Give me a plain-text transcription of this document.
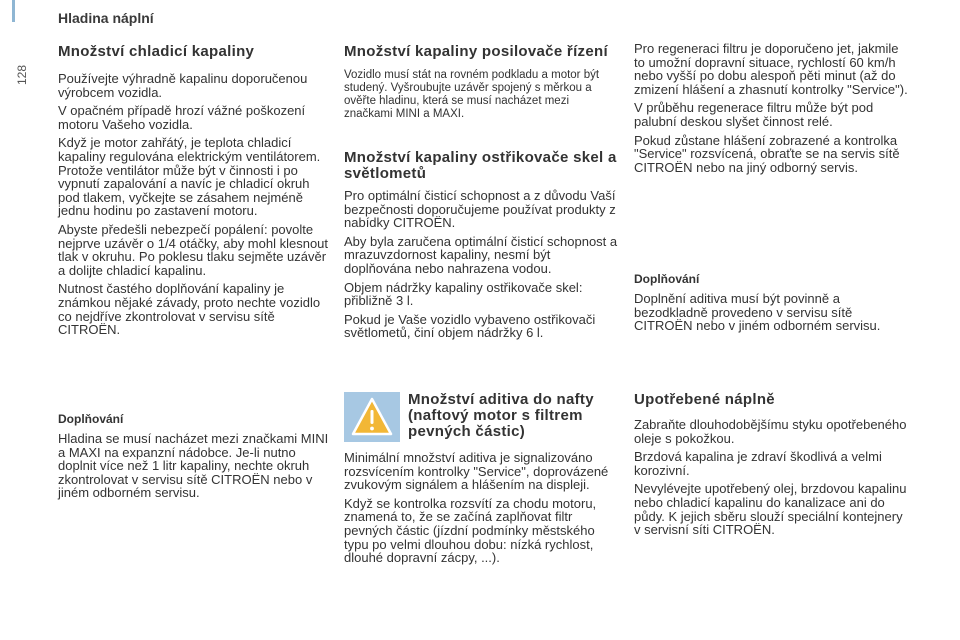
128
Hladina náplní
Množství chladicí kapaliny

Používejte výhradně kapalinu doporučenou výrobcem vozidla.

V opačném případě hrozí vážné poškození motoru Vašeho vozidla.

Když je motor zahřátý, je teplota chladicí kapaliny regulována elektrickým ventilátorem. Protože ventilátor může být v činnosti i po vypnutí zapalování a navíc je chladicí okruh pod tlakem, vyčkejte se zásahem nejméně jednu hodinu po zastavení motoru.

Abyste předešli nebezpečí popálení: povolte nejprve uzávěr o 1/4 otáčky, aby mohl klesnout tlak v okruhu. Po poklesu tlaku sejměte uzávěr a dolijte chladicí kapalinu.

Nutnost častého doplňování kapaliny je známkou nějaké závady, proto nechte vozidlo co nejdříve zkontrolovat v servisu sítě CITROËN.

Doplňování

Hladina se musí nacházet mezi značkami MINI a MAXI na expanzní nádobce. Je-li nutno doplnit více než 1 litr kapaliny, nechte okruh zkontrolovat v servisu sítě CITROËN nebo v jiném odborném servisu.

Množství kapaliny posilovače řízení

Vozidlo musí stát na rovném podkladu a motor být studený. Vyšroubujte uzávěr spojený s měrkou a ověřte hladinu, která se musí nacházet mezi značkami MINI a MAXI.

Množství kapaliny ostřikovače skel a světlometů

Pro optimální čisticí schopnost a z důvodu Vaší bezpečnosti doporučujeme používat produkty z nabídky CITROËN.

Aby byla zaručena optimální čisticí schopnost a mrazuvzdornost kapaliny, nesmí být doplňována nebo nahrazena vodou.

Objem nádržky kapaliny ostřikovače skel: přibližně 3 l.

Pokud je Vaše vozidlo vybaveno ostřikovači světlometů, činí objem nádržky 6 l.

Množství aditiva do nafty (naftový motor s filtrem pevných částic)

Minimální množství aditiva je signalizováno rozsvícením kontrolky "Service", doprovázené zvukovým signálem a hlášením na displeji.

Když se kontrolka rozsvítí za chodu motoru, znamená to, že se začíná zaplňovat filtr pevných částic (jízdní podmínky městského typu po velmi dlouhou dobu: nízká rychlost, dlouhé dopravní zácpy, ...).

Pro regeneraci filtru je doporučeno jet, jakmile to umožní dopravní situace, rychlostí 60 km/h nebo vyšší po dobu alespoň pěti minut (až do zmizení hlášení a zhasnutí kontrolky "Service").

V průběhu regenerace filtru může být pod palubní deskou slyšet činnost relé.

Pokud zůstane hlášení zobrazené a kontrolka "Service" rozsvícená, obraťte se na servis sítě CITROËN nebo na jiný odborný servis.

Doplňování

Doplnění aditiva musí být povinně a bezodkladně provedeno v servisu sítě CITROËN nebo v jiném odborném servisu.

Upotřebené náplně

Zabraňte dlouhodobějšímu styku opotřebeného oleje s pokožkou.

Brzdová kapalina je zdraví škodlivá a velmi korozivní.

Nevylévejte upotřebený olej, brzdovou kapalinu nebo chladicí kapalinu do kanalizace ani do půdy. K jejich sběru slouží speciální kontejnery v servisní síti CITROËN.
